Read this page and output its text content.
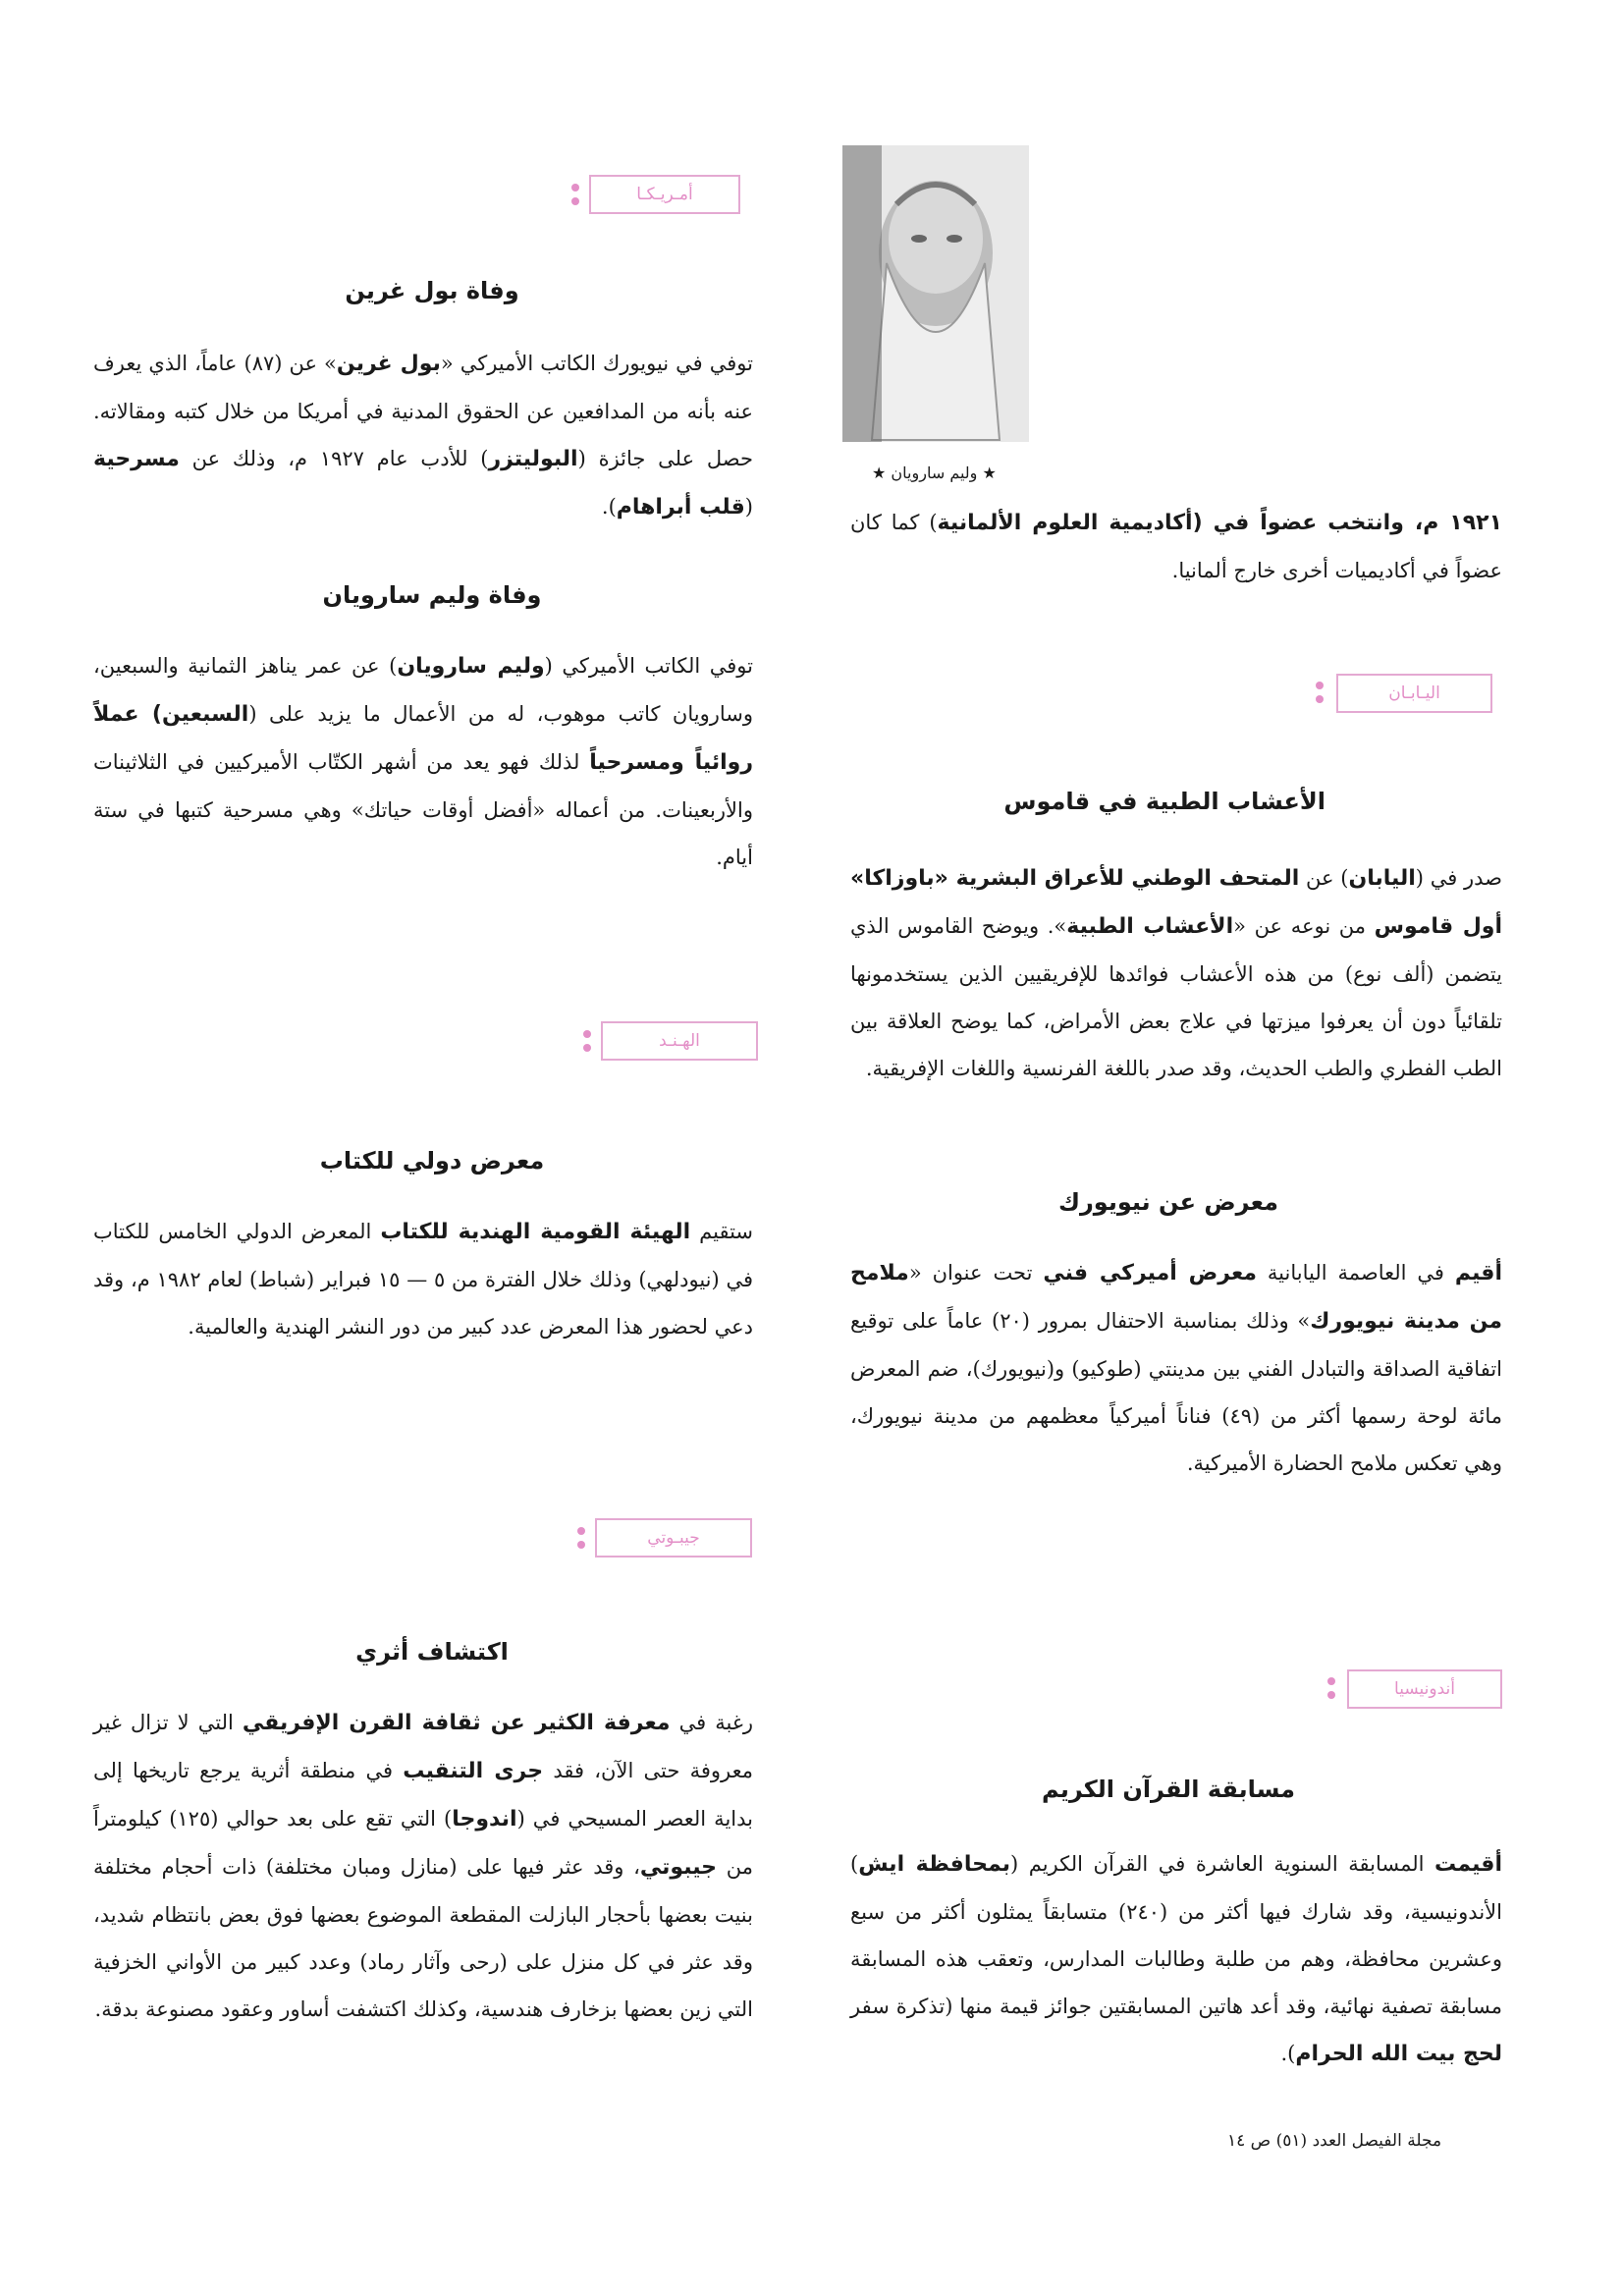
★ وليم سارويان ★

١٩٢١ م، وانتخب عضواً في (أكاديمية العلوم الألمانية) كما كان عضواً في أكاديميات أخرى خارج ألمانيا.

اليـابـان
الأعشاب الطبية في قاموس

صدر في (اليابان) عن المتحف الوطني للأعراق البشرية «باوزاكا» أول قاموس من نوعه عن «الأعشاب الطبية». ويوضح القاموس الذي يتضمن (ألف نوع) من هذه الأعشاب فوائدها للإفريقيين الذين يستخدمونها تلقائياً دون أن يعرفوا ميزتها في علاج بعض الأمراض، كما يوضح العلاقة بين الطب الفطري والطب الحديث، وقد صدر باللغة الفرنسية واللغات الإفريقية.

معرض عن نيويورك

أقيم في العاصمة اليابانية معرض أميركي فني تحت عنوان «ملامح من مدينة نيويورك» وذلك بمناسبة الاحتفال بمرور (٢٠) عاماً على توقيع اتفاقية الصداقة والتبادل الفني بين مدينتي (طوكيو) و(نيويورك)، ضم المعرض مائة لوحة رسمها أكثر من (٤٩) فناناً أميركياً معظمهم من مدينة نيويورك، وهي تعكس ملامح الحضارة الأميركية.

أندونيسيا
مسابقة القرآن الكريم

أقيمت المسابقة السنوية العاشرة في القرآن الكريم (بمحافظة ايش) الأندونيسية، وقد شارك فيها أكثر من (٢٤٠) متسابقاً يمثلون أكثر من سبع وعشرين محافظة، وهم من طلبة وطالبات المدارس، وتعقب هذه المسابقة مسابقة تصفية نهائية، وقد أعد هاتين المسابقتين جوائز قيمة منها (تذكرة سفر لحج بيت الله الحرام).

مجلة الفيصل العدد (٥١) ص ١٤
أمـريـكـا
وفاة بول غرين

توفي في نيويورك الكاتب الأميركي «بول غرين» عن (٨٧) عاماً، الذي يعرف عنه بأنه من المدافعين عن الحقوق المدنية في أمريكا من خلال كتبه ومقالاته. حصل على جائزة (البوليتزر) للأدب عام ١٩٢٧ م، وذلك عن مسرحية (قلب أبراهام).

وفاة وليم سارويان

توفي الكاتب الأميركي (وليم سارويان) عن عمر يناهز الثمانية والسبعين، وسارويان كاتب موهوب، له من الأعمال ما يزيد على (السبعين) عملاً روائياً ومسرحياً لذلك فهو يعد من أشهر الكتّاب الأميركيين في الثلاثينات والأربعينات. من أعماله «أفضل أوقات حياتك» وهي مسرحية كتبها في ستة أيام.

الهـنـد
معرض دولي للكتاب

ستقيم الهيئة القومية الهندية للكتاب المعرض الدولي الخامس للكتاب في (نيودلهي) وذلك خلال الفترة من ٥ — ١٥ فبراير (شباط) لعام ١٩٨٢ م، وقد دعي لحضور هذا المعرض عدد كبير من دور النشر الهندية والعالمية.

جيبـوتي
اكتشاف أثري

رغبة في معرفة الكثير عن ثقافة القرن الإفريقي التي لا تزال غير معروفة حتى الآن، فقد جرى التنقيب في منطقة أثرية يرجع تاريخها إلى بداية العصر المسيحي في (اندوجا) التي تقع على بعد حوالي (١٢٥) كيلومتراً من جيبوتي، وقد عثر فيها على (منازل ومبان مختلفة) ذات أحجام مختلفة بنيت بعضها بأحجار البازلت المقطعة الموضوع بعضها فوق بعض بانتظام شديد، وقد عثر في كل منزل على (رحى وآثار رماد) وعدد كبير من الأواني الخزفية التي زين بعضها بزخارف هندسية، وكذلك اكتشفت أساور وعقود مصنوعة بدقة.
